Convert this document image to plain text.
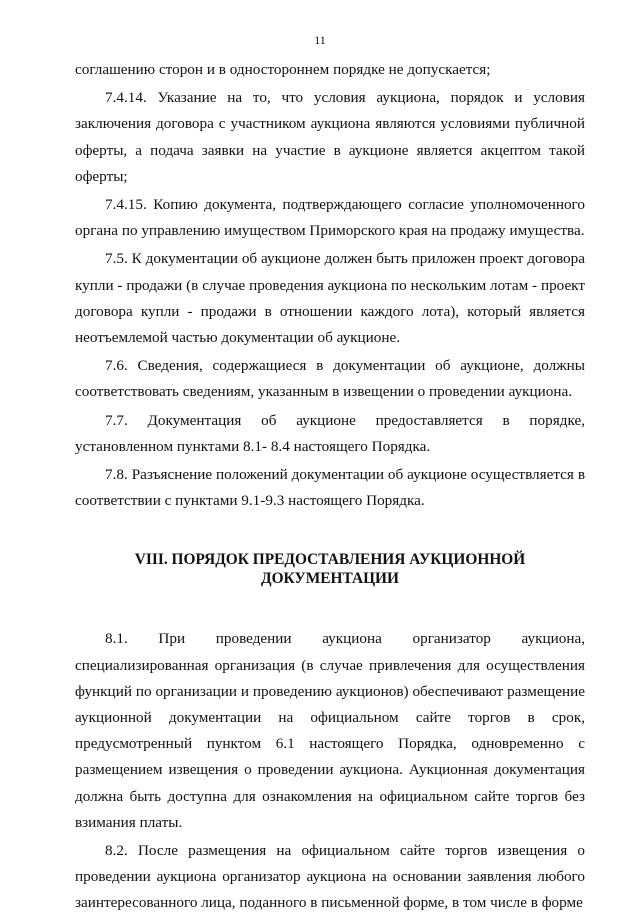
11

соглашению сторон и в одностороннем порядке не допускается;

7.4.14. Указание на то, что условия аукциона, порядок и условия заключения договора с участником аукциона являются условиями публичной оферты, а подача заявки на участие в аукционе является акцептом такой оферты;

7.4.15. Копию документа, подтверждающего согласие уполномоченного органа по управлению имуществом Приморского края на продажу имущества.

7.5. К документации об аукционе должен быть приложен проект договора купли - продажи (в случае проведения аукциона по нескольким лотам - проект договора купли - продажи в отношении каждого лота), который является неотъемлемой частью документации об аукционе.

7.6. Сведения, содержащиеся в документации об аукционе, должны соответствовать сведениям, указанным в извещении о проведении аукциона.

7.7. Документация об аукционе предоставляется в порядке, установленном пунктами 8.1- 8.4 настоящего Порядка.

7.8. Разъяснение положений документации об аукционе осуществляется в соответствии с пунктами 9.1-9.3 настоящего Порядка.

VIII. ПОРЯДОК ПРЕДОСТАВЛЕНИЯ АУКЦИОННОЙ
ДОКУМЕНТАЦИИ

8.1. При проведении аукциона организатор аукциона, специализированная организация (в случае привлечения для осуществления функций по организации и проведению аукционов) обеспечивают размещение аукционной документации на официальном сайте торгов в срок, предусмотренный пунктом 6.1 настоящего Порядка, одновременно с размещением извещения о проведении аукциона. Аукционная документация должна быть доступна для ознакомления на официальном сайте торгов без взимания платы.

8.2. После размещения на официальном сайте торгов извещения о проведении аукциона организатор аукциона на основании заявления любого заинтересованного лица, поданного в письменной форме, в том числе в форме
